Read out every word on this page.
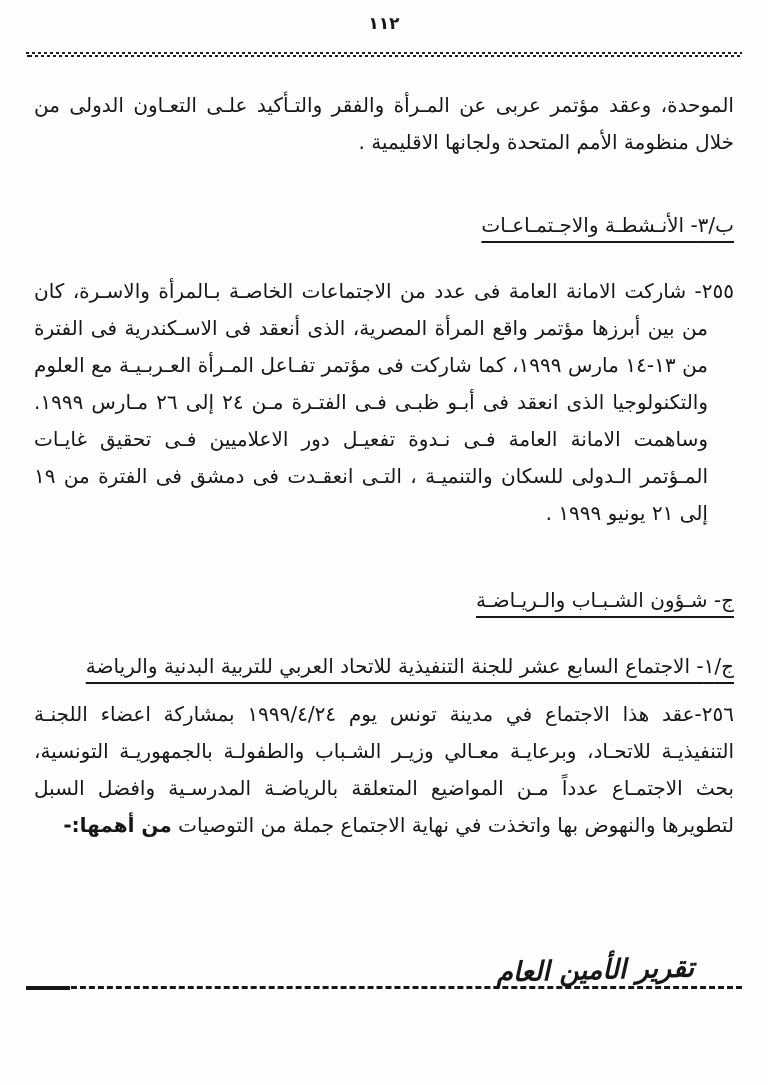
١١٢

الموحدة، وعقد مؤتمر عربى عن المـرأة والفقر والتـأكيد علـى التعـاون الدولى من خلال منظومة الأمم المتحدة ولجانها الاقليمية .

ب/٣- الأنـشطـة والاجـتمـاعـات

٢٥٥- شاركت الامانة العامة فى عدد من الاجتماعات الخاصـة بـالمرأة والاسـرة، كان من بين أبرزها مؤتمر واقع المرأة المصرية، الذى أنعقد فى الاسـكندرية فى الفترة من ١٣-١٤ مارس ١٩٩٩، كما شاركت فى مؤتمر تفـاعل المـرأة العـربـيـة مع العلوم والتكنولوجيا الذى انعقد فى أبـو ظبـى فـى الفتـرة مـن ٢٤ إلى ٢٦ مـارس ١٩٩٩. وساهمت الامانة العامة فـى نـدوة تفعيـل دور الاعلاميين فـى تحقيق غايـات المـؤتمر الـدولى للسكان والتنميـة ، التـى انعقـدت فى دمشق فى الفترة من ١٩ إلى ٢١ يونيو ١٩٩٩ .

ج- شـؤون الشـبـاب والـريـاضـة
ج/١- الاجتماع السابع عشر للجنة التنفيذية للاتحاد العربي للتربية البدنية والرياضة

٢٥٦-عقد هذا الاجتماع في مدينة تونس يوم ١٩٩٩/٤/٢٤ بمشاركة اعضاء اللجنـة التنفيذيـة للاتحـاد، وبرعايـة معـالي وزيـر الشـباب والطفولـة بالجمهوريـة التونسية، بحث الاجتمـاع عدداً مـن المواضيع المتعلقة بالرياضـة المدرسـية وافضل السبل لتطويرها والنهوض بها واتخذت في نهاية الاجتماع جملة من التوصيات من أهمها:-

تقرير الأمين العام
